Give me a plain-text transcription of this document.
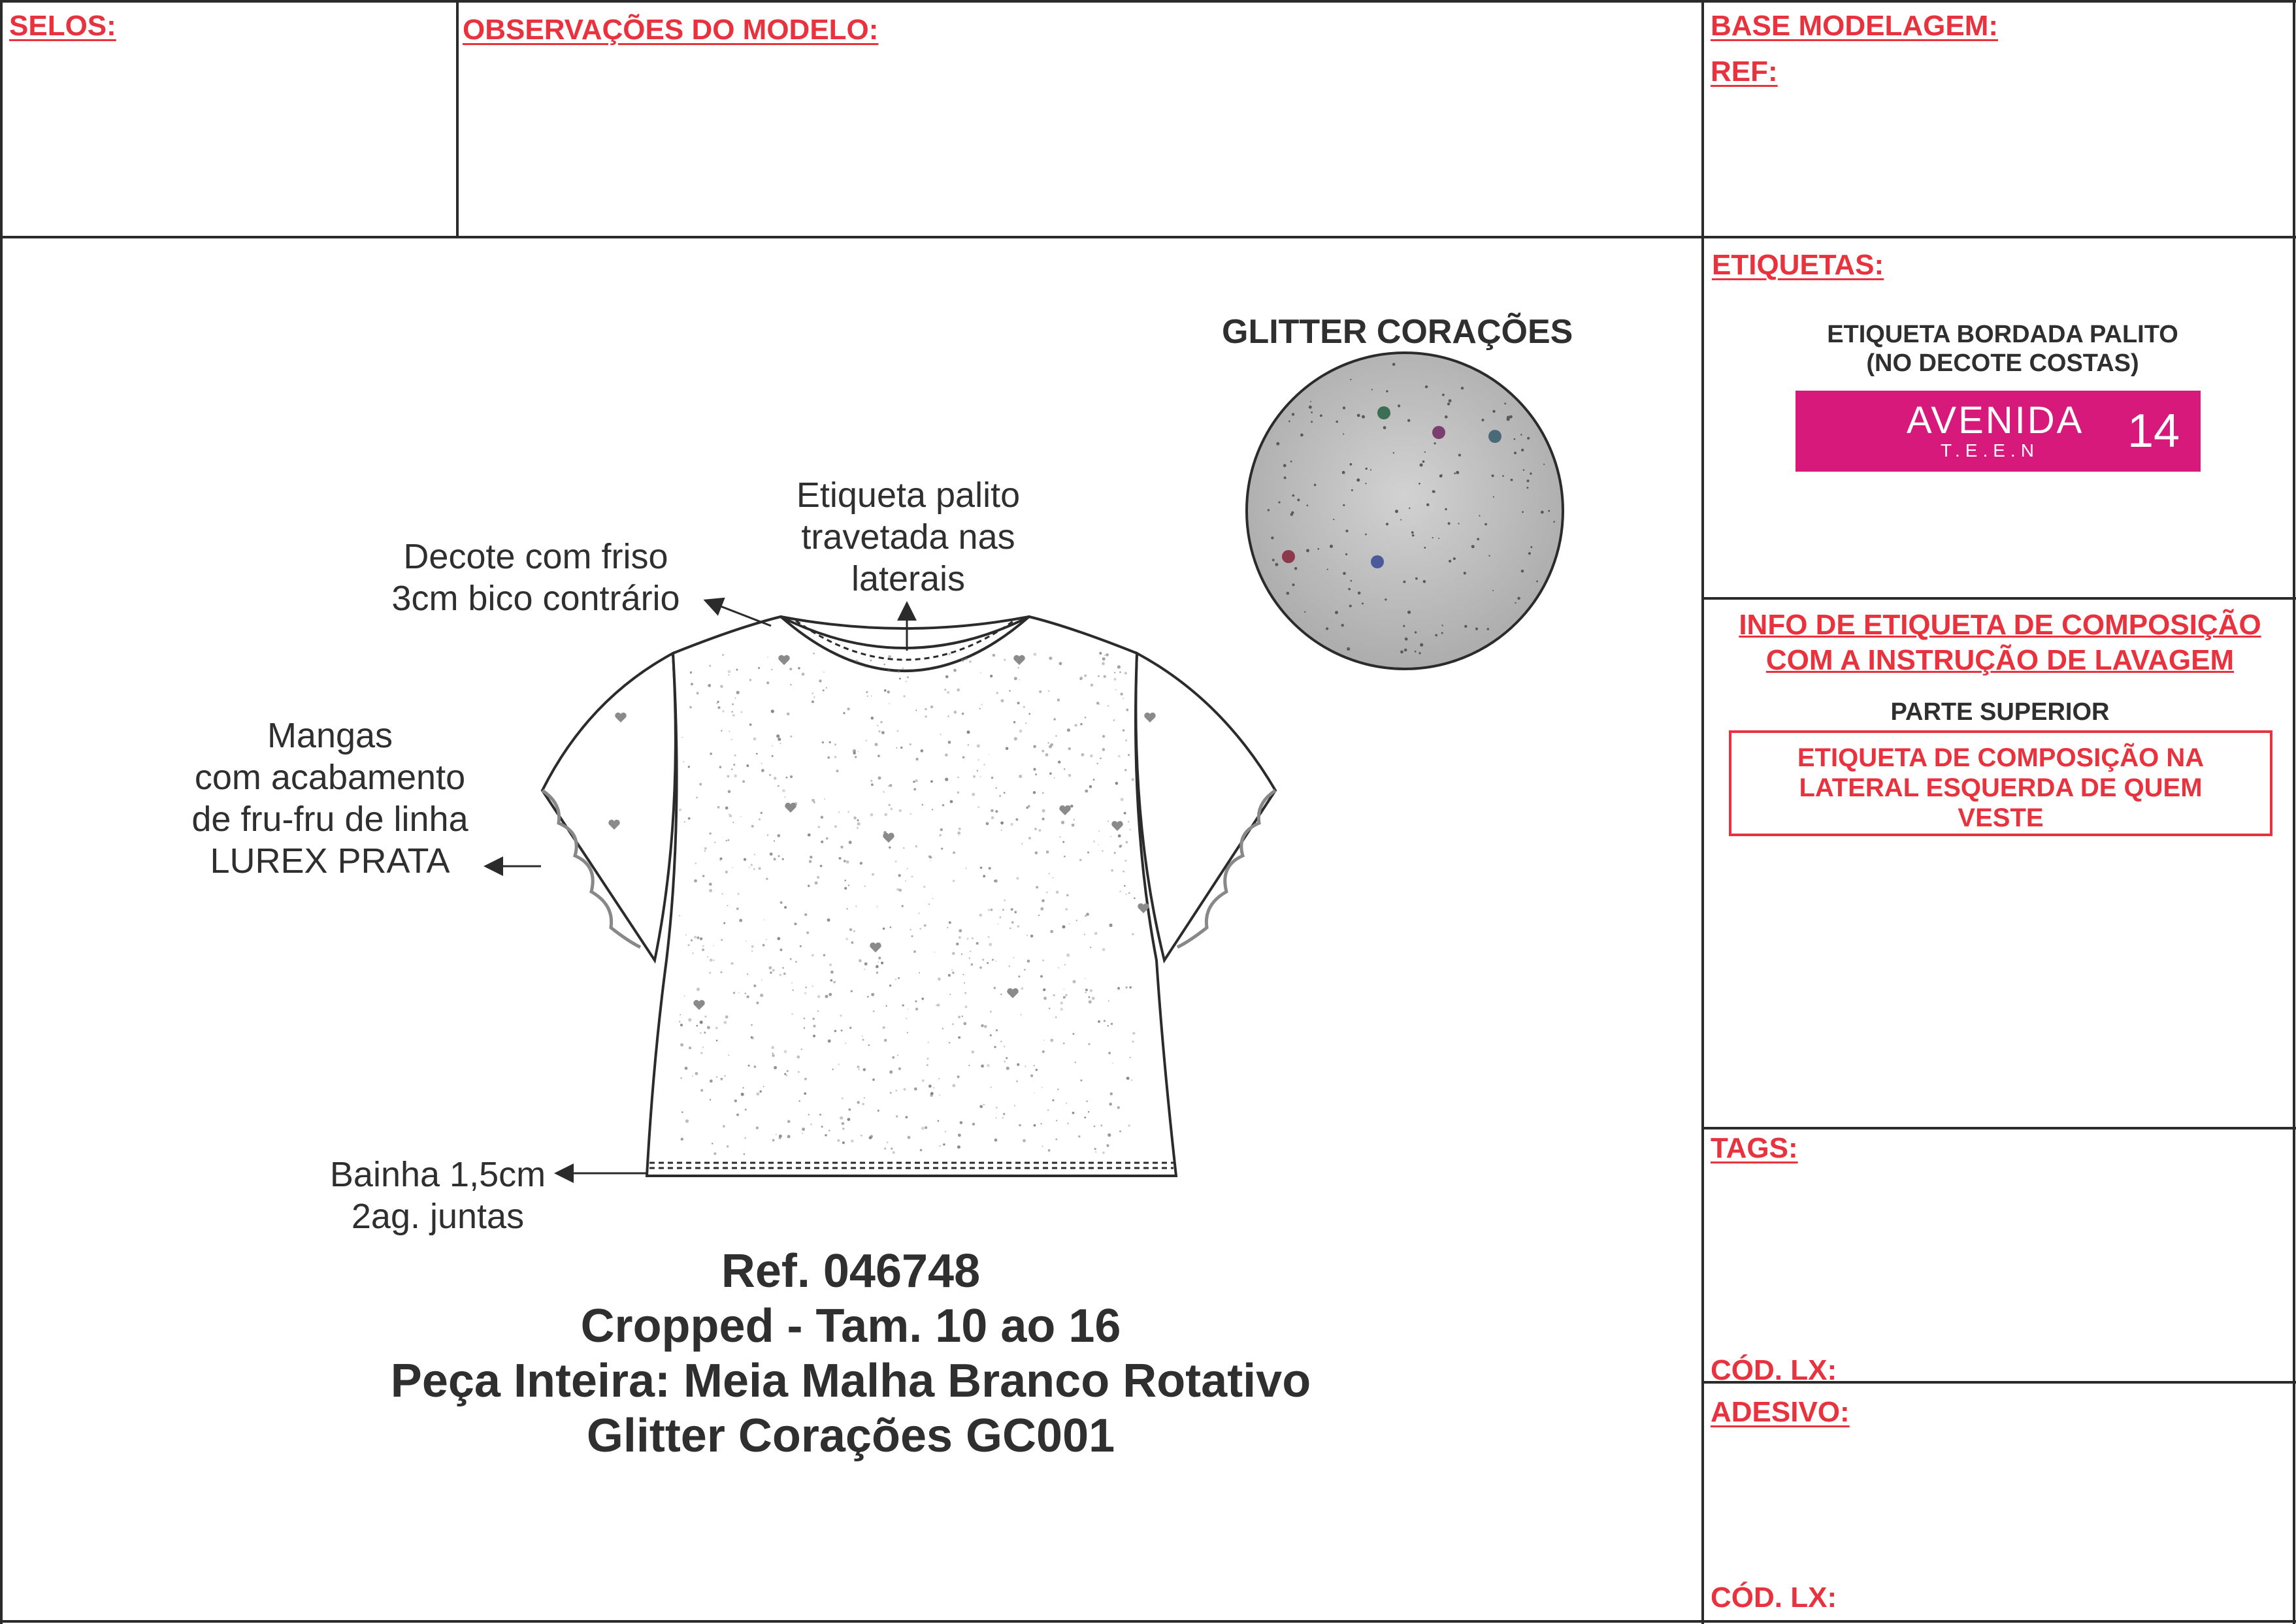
SELOS:	OBSERVAÇÕES DO MODELO:	BASE MODELAGEM:
REF:
ETIQUETAS:
ETIQUETA BORDADA PALITO
(NO DECOTE COSTAS)
AVENIDA
T.E.E.N 14
INFO DE ETIQUETA DE COMPOSIÇÃO
COM A INSTRUÇÃO DE LAVAGEM
PARTE SUPERIOR
ETIQUETA DE COMPOSIÇÃO NA
LATERAL ESQUERDA DE QUEM
VESTE
TAGS:
CÓD. LX:
ADESIVO:
CÓD. LX:
GLITTER CORAÇÕES
Etiqueta palito
travetada nas
laterais
Decote com friso
3cm bico contrário
Mangas
com acabamento
de fru-fru de linha
LUREX PRATA
Bainha 1,5cm
2ag. juntas
Ref. 046748
Cropped - Tam. 10 ao 16
Peça Inteira: Meia Malha Branco Rotativo
Glitter Corações GC001
